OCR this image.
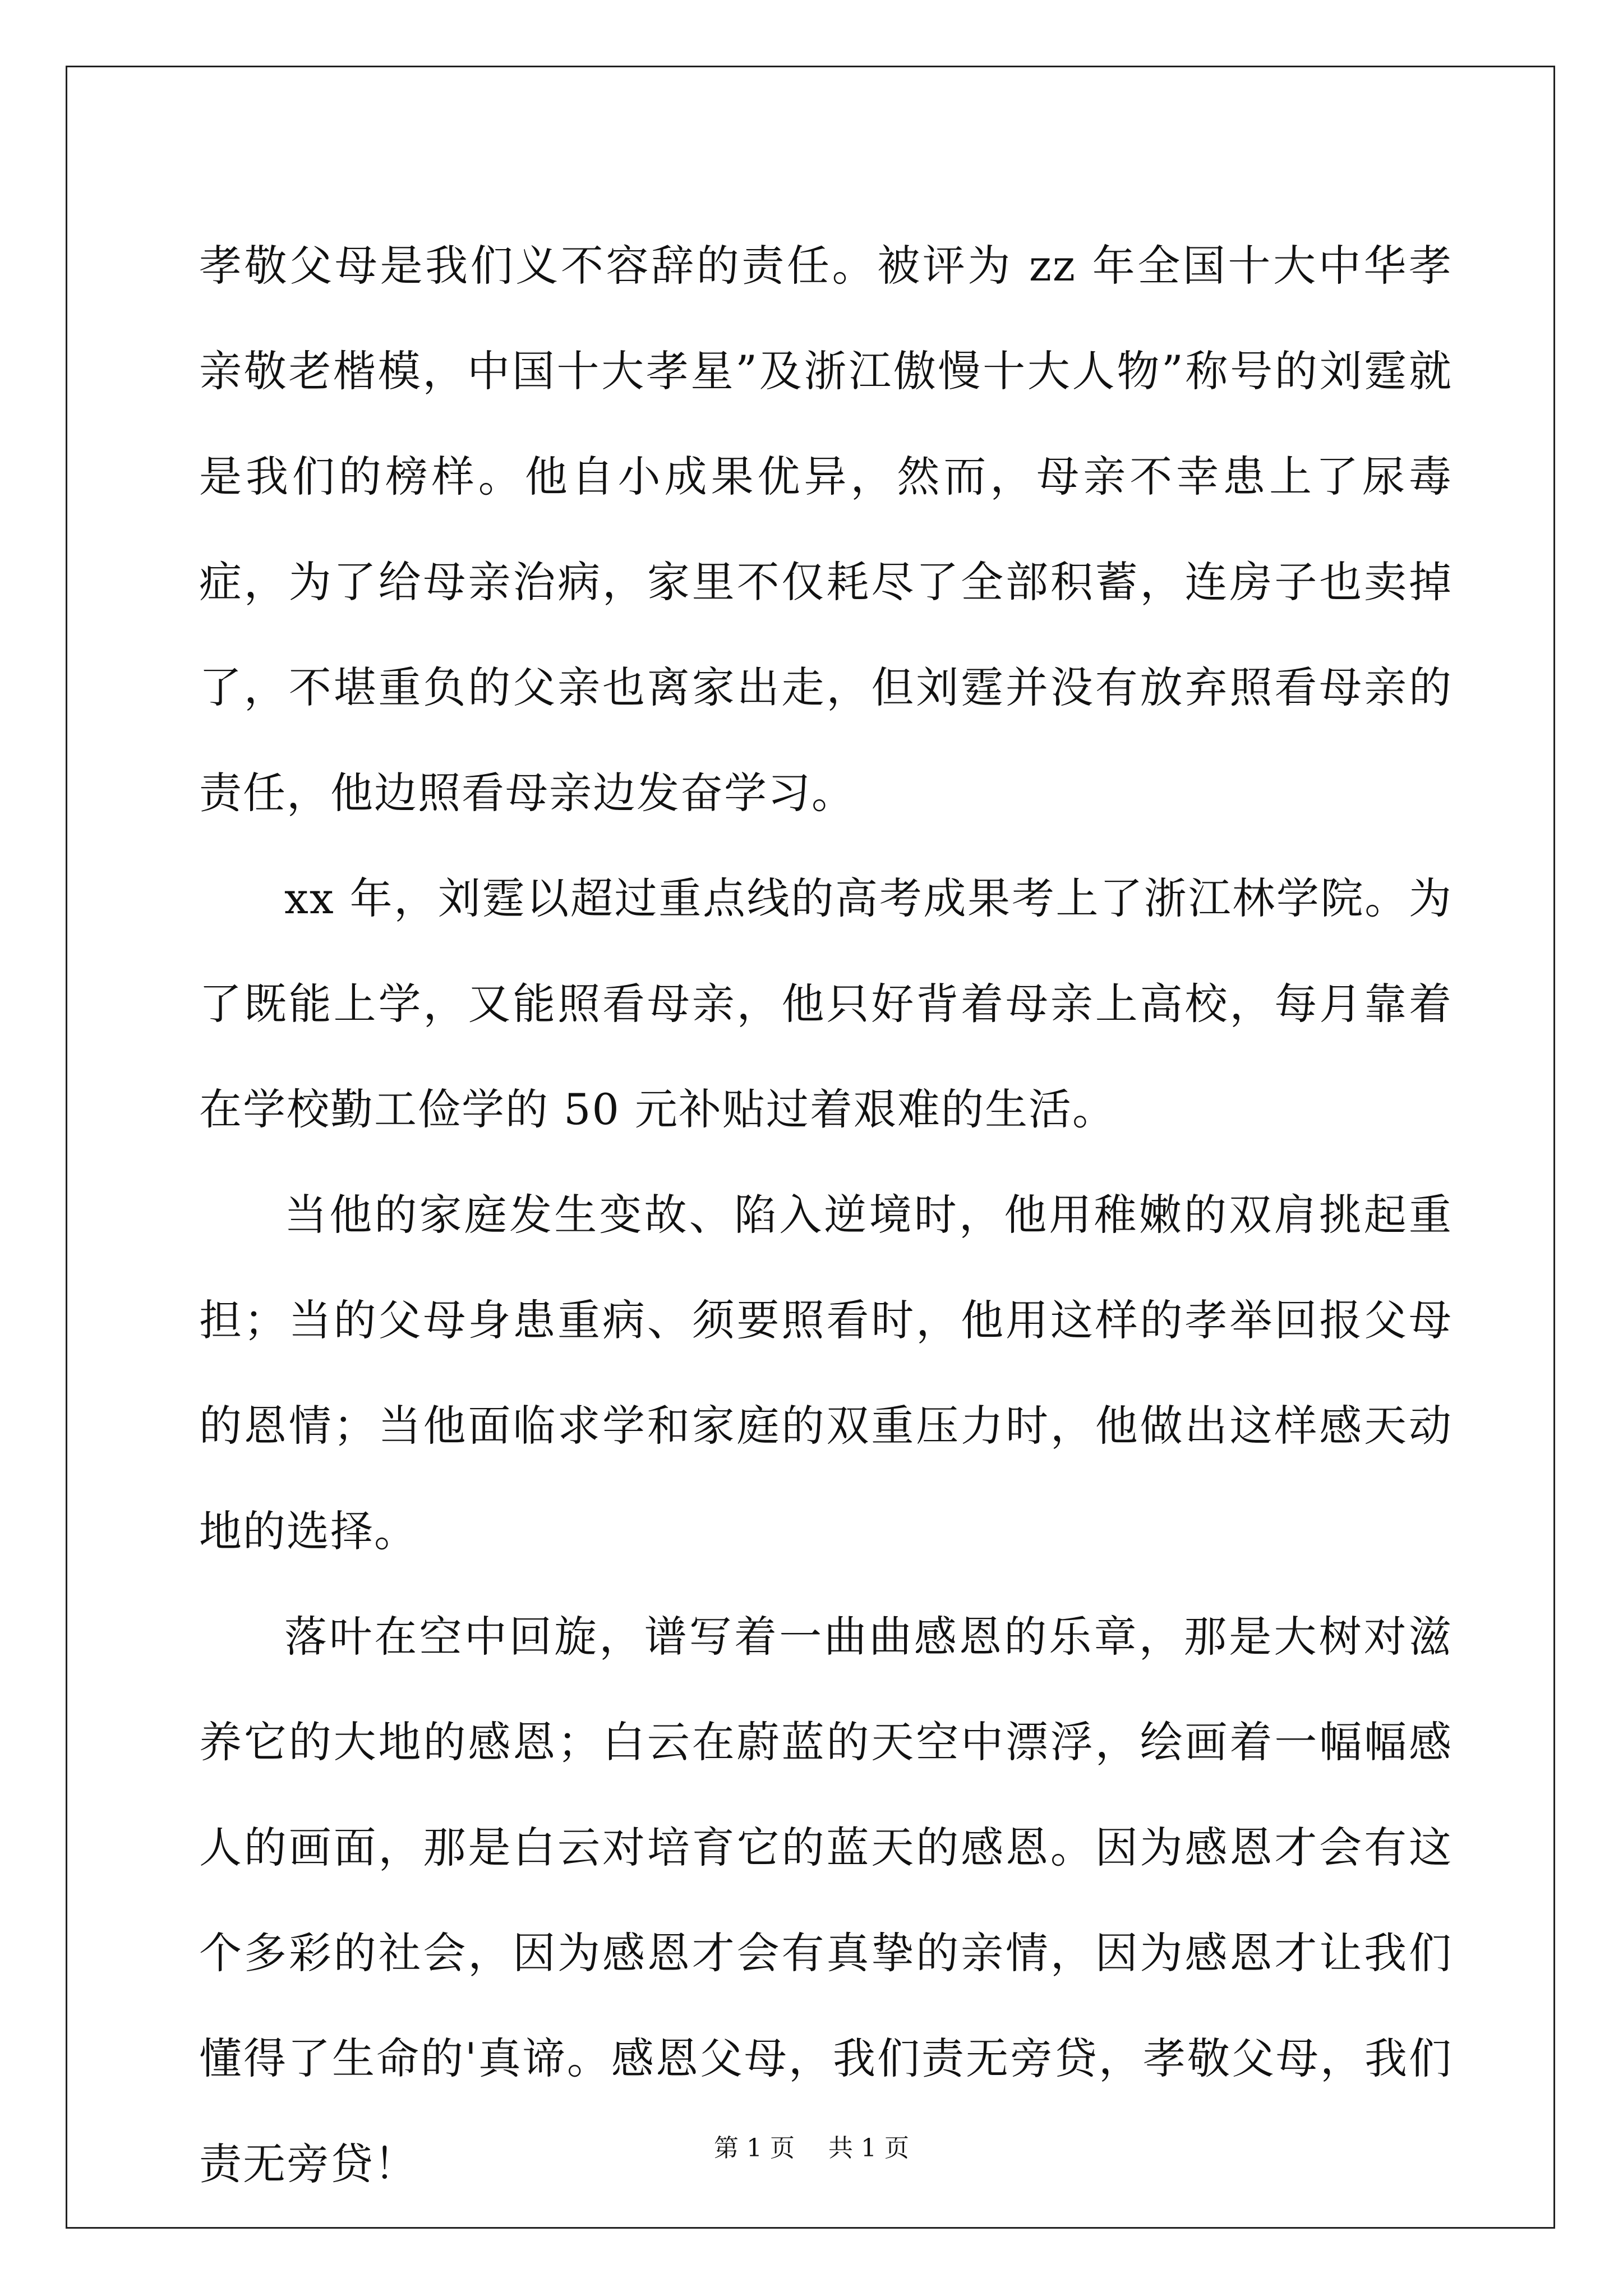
孝敬父母是我们义不容辞的责任。被评为 zz 年全国十大中华孝亲敬老楷模，中国十大孝星”及浙江傲慢十大人物”称号的刘霆就是我们的榜样。他自小成果优异，然而，母亲不幸患上了尿毒症，为了给母亲治病，家里不仅耗尽了全部积蓄，连房子也卖掉了，不堪重负的父亲也离家出走，但刘霆并没有放弃照看母亲的责任，他边照看母亲边发奋学习。

xx 年，刘霆以超过重点线的高考成果考上了浙江林学院。为了既能上学，又能照看母亲，他只好背着母亲上高校，每月靠着在学校勤工俭学的 50 元补贴过着艰难的生活。

当他的家庭发生变故、陷入逆境时，他用稚嫩的双肩挑起重担；当的父母身患重病、须要照看时，他用这样的孝举回报父母的恩情；当他面临求学和家庭的双重压力时，他做出这样感天动地的选择。

落叶在空中回旋，谱写着一曲曲感恩的乐章，那是大树对滋养它的大地的感恩；白云在蔚蓝的天空中漂浮，绘画着一幅幅感人的画面，那是白云对培育它的蓝天的感恩。因为感恩才会有这个多彩的社会，因为感恩才会有真挚的亲情，因为感恩才让我们懂得了生命的'真谛。感恩父母，我们责无旁贷，孝敬父母，我们责无旁贷！	第 1 页 共 1 页
